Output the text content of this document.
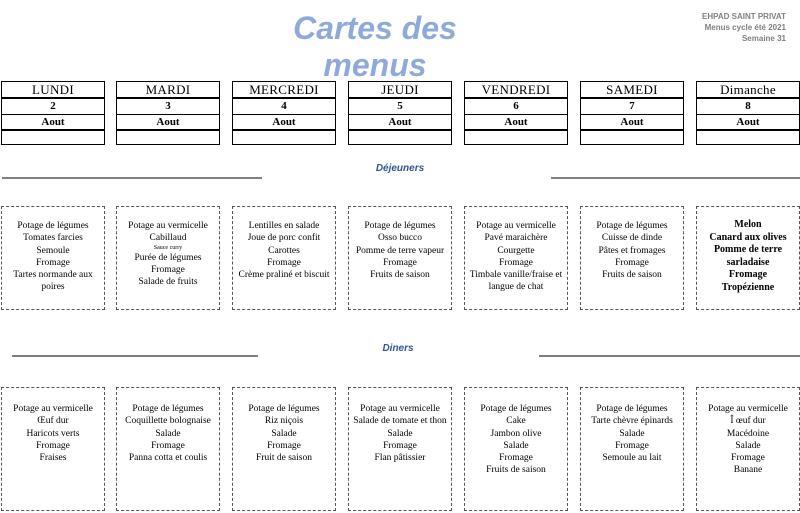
Cartes des menus
EHPAD SAINT PRIVAT
Menus cycle été 2021
Semaine 31
LUNDI
2
Aout
MARDI
3
Aout
MERCREDI
4
Aout
JEUDI
5
Aout
VENDREDI
6
Aout
SAMEDI
7
Aout
Dimanche
8
Aout
Déjeuners
Potage de légumes
Tomates farcies
Semoule
Fromage
Tartes normande aux poires
Potage au vermicelle
Cabillaud
Sauce curry
Purée de légumes
Fromage
Salade de fruits
Lentilles en salade
Joue de porc confit
Carottes
Fromage
Crème praliné et biscuit
Potage de légumes
Osso bucco
Pomme de terre vapeur
Fromage
Fruits de saison
Potage au vermicelle
Pavé maraichère
Courgette
Fromage
Timbale vanille/fraise et langue de chat
Potage de légumes
Cuisse de dinde
Pâtes et fromages
Fromage
Fruits de saison
Melon
Canard aux olives
Pomme de terre sarladaise
Fromage
Tropézienne
Diners
Potage au vermicelle
Œuf dur
Haricots verts
Fromage
Fraises
Potage de légumes
Coquillette bolognaise
Salade
Fromage
Panna cotta et coulis
Potage de légumes
Riz niçois
Salade
Fromage
Fruit de saison
Potage au vermicelle
Salade de tomate et thon
Salade
Fromage
Flan pâtissier
Potage de légumes
Cake
Jambon olive
Salade
Fromage
Fruits de saison
Potage de légumes
Tarte chèvre épinards
Salade
Fromage
Semoule au lait
Potage au vermicelle
Î œuf dur
Macédoine
Salade
Fromage
Banane
